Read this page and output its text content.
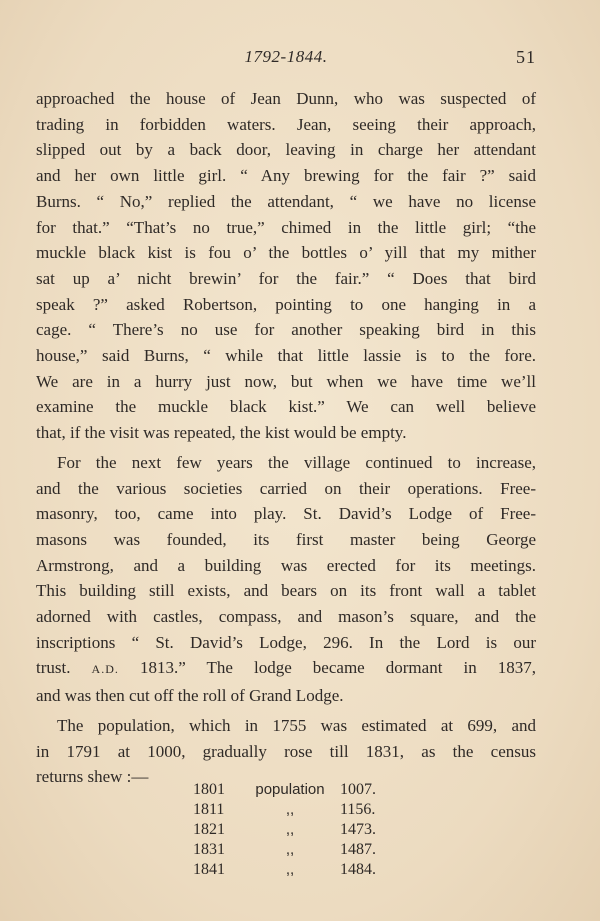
1792-1844.	51

approached the house of Jean Dunn, who was suspected of
trading in forbidden waters. Jean, seeing their approach,
slipped out by a back door, leaving in charge her attendant
and her own little girl. “ Any brewing for the fair ?” said
Burns. “ No,” replied the attendant, “ we have no license
for that.” “That’s no true,” chimed in the little girl; “the
muckle black kist is fou o’ the bottles o’ yill that my mither
sat up a’ nicht brewin’ for the fair.” “ Does that bird
speak ?” asked Robertson, pointing to one hanging in a
cage. “ There’s no use for another speaking bird in this
house,” said Burns, “ while that little lassie is to the fore.
We are in a hurry just now, but when we have time we’ll
examine the muckle black kist.” We can well believe
that, if the visit was repeated, the kist would be empty.

For the next few years the village continued to increase,
and the various societies carried on their operations. Free-
masonry, too, came into play. St. David’s Lodge of Free-
masons was founded, its first master being George
Armstrong, and a building was erected for its meetings.
This building still exists, and bears on its front wall a tablet
adorned with castles, compass, and mason’s square, and the
inscriptions “ St. David’s Lodge, 296. In the Lord is our
trust. A.D. 1813.” The lodge became dormant in 1837,
and was then cut off the roll of Grand Lodge.

The population, which in 1755 was estimated at 699, and
in 1791 at 1000, gradually rose till 1831, as the census
returns shew :—

1801	population 1007.
1811	,,	1156.
1821	,,	1473.
1831	,,	1487.
1841	,,	1484.
